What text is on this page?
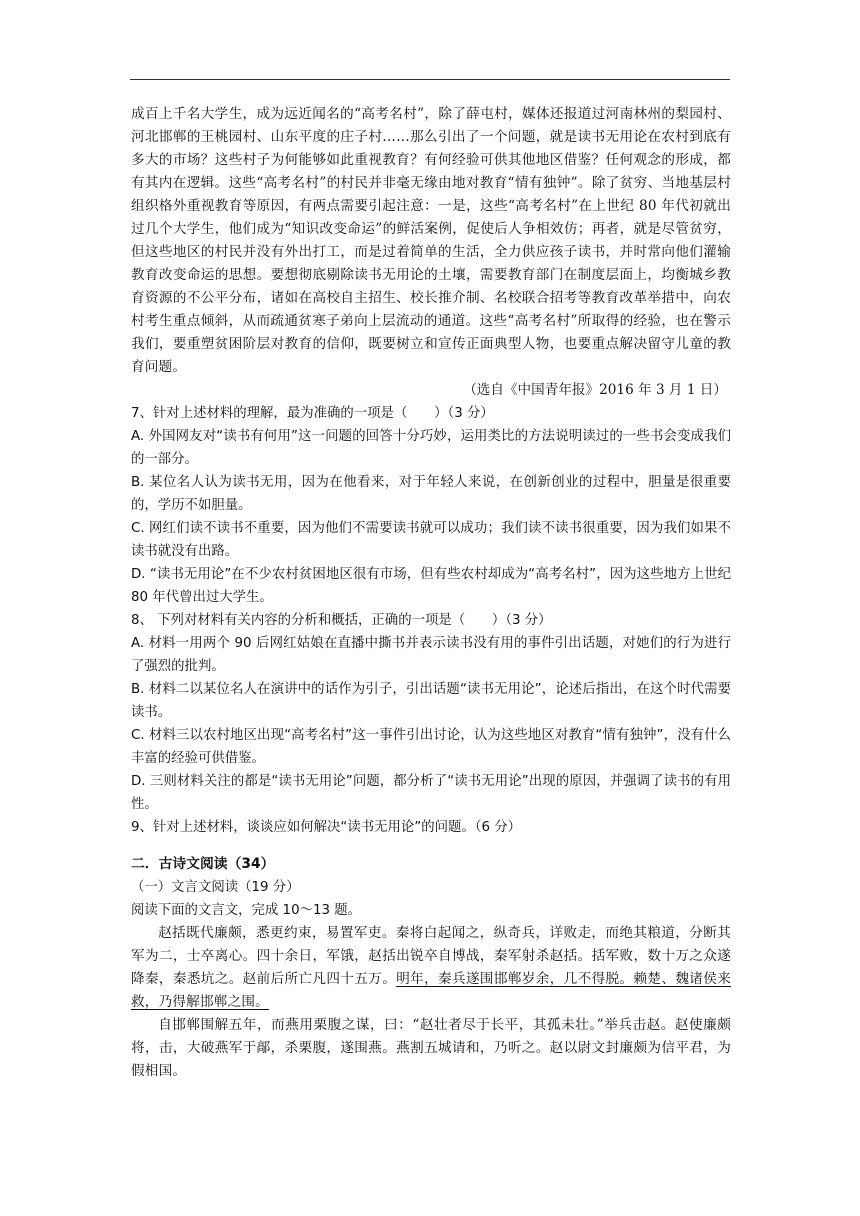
成百上千名大学生，成为远近闻名的“高考名村”，除了薛屯村，媒体还报道过河南林州的梨园村、河北邯郸的王桃园村、山东平度的庄子村……那么引出了一个问题，就是读书无用论在农村到底有多大的市场？这些村子为何能够如此重视教育？有何经验可供其他地区借鉴？任何观念的形成，都有其内在逻辑。这些“高考名村”的村民并非毫无缘由地对教育“情有独钟”。除了贫穷、当地基层村组织格外重视教育等原因，有两点需要引起注意：一是，这些“高考名村”在上世纪 80 年代初就出过几个大学生，他们成为“知识改变命运”的鲜活案例，促使后人争相效仿；再者，就是尽管贫穷，但这些地区的村民并没有外出打工，而是过着简单的生活，全力供应孩子读书，并时常向他们灌输教育改变命运的思想。要想彻底剔除读书无用论的土壤，需要教育部门在制度层面上，均衡城乡教育资源的不公平分布，诸如在高校自主招生、校长推介制、名校联合招考等教育改革举措中，向农村考生重点倾斜，从而疏通贫寒子弟向上层流动的通道。这些“高考名村”所取得的经验，也在警示我们，要重塑贫困阶层对教育的信仰，既要树立和宣传正面典型人物，也要重点解决留守儿童的教育问题。

（选自《中国青年报》2016 年 3 月 1 日）

7、针对上述材料的理解，最为准确的一项是（　　）（3 分）

A. 外国网友对“读书有何用”这一问题的回答十分巧妙，运用类比的方法说明读过的一些书会变成我们的一部分。

B. 某位名人认为读书无用，因为在他看来，对于年轻人来说，在创新创业的过程中，胆量是很重要的，学历不如胆量。

C. 网红们读不读书不重要，因为他们不需要读书就可以成功；我们读不读书很重要，因为我们如果不读书就没有出路。

D. “读书无用论”在不少农村贫困地区很有市场，但有些农村却成为“高考名村”，因为这些地方上世纪 80 年代曾出过大学生。

8、 下列对材料有关内容的分析和概括，正确的一项是（　　）（3 分）

A. 材料一用两个 90 后网红姑娘在直播中撕书并表示读书没有用的事件引出话题，对她们的行为进行了强烈的批判。

B. 材料二以某位名人在演讲中的话作为引子，引出话题“读书无用论”，论述后指出，在这个时代需要读书。

C. 材料三以农村地区出现“高考名村”这一事件引出讨论，认为这些地区对教育“情有独钟”，没有什么丰富的经验可供借鉴。

D. 三则材料关注的都是“读书无用论”问题，都分析了“读书无用论”出现的原因，并强调了读书的有用性。

9、针对上述材料，谈谈应如何解决“读书无用论”的问题。（6 分）

二．古诗文阅读（34）

（一）文言文阅读（19 分）

阅读下面的文言文，完成 10～13 题。

赵括既代廉颇，悉更约束，易置军吏。秦将白起闻之，纵奇兵，详败走，而绝其粮道，分断其军为二，士卒离心。四十余日，军饿，赵括出锐卒自博战，秦军射杀赵括。括军败，数十万之众遂降秦，秦悉坑之。赵前后所亡凡四十五万。明年，秦兵遂围邯郸岁余，几不得脱。赖楚、魏诸侯来救，乃得解邯郸之围。

自邯郸围解五年，而燕用栗腹之谋，曰：“赵壮者尽于长平，其孤未壮。”举兵击赵。赵使廉颇将，击，大破燕军于鄗，杀栗腹，遂围燕。燕割五城请和，乃听之。赵以尉文封廉颇为信平君，为假相国。
